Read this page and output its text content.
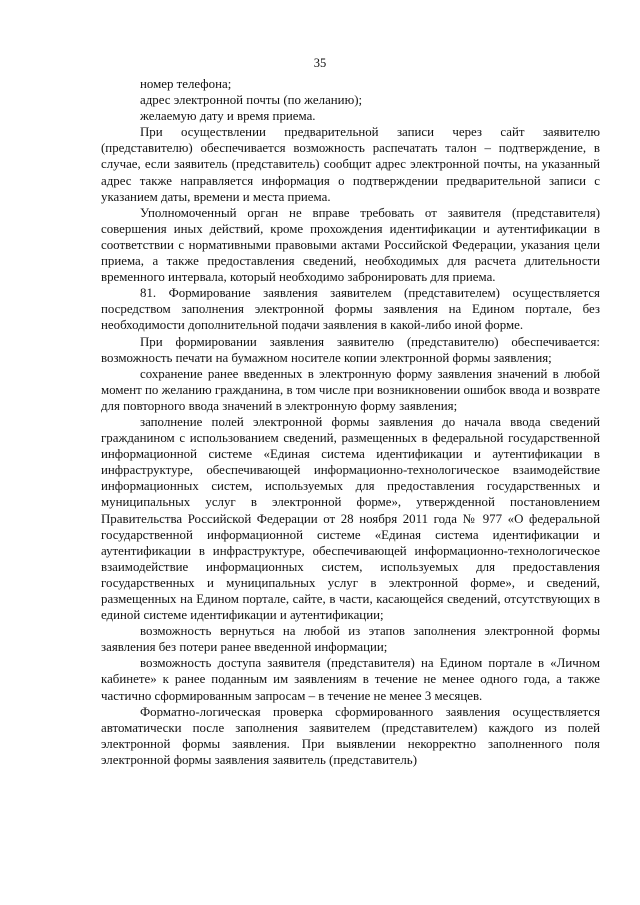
35

номер телефона;

адрес электронной почты (по желанию);

желаемую дату и время приема.

При осуществлении предварительной записи через сайт заявителю (представителю) обеспечивается возможность распечатать талон – подтверждение, в случае, если заявитель (представитель) сообщит адрес электронной почты, на указанный адрес также направляется информация о подтверждении предварительной записи с указанием даты, времени и места приема.

Уполномоченный орган не вправе требовать от заявителя (представителя) совершения иных действий, кроме прохождения идентификации и аутентификации в соответствии с нормативными правовыми актами Российской Федерации, указания цели приема, а также предоставления сведений, необходимых для расчета длительности временного интервала, который необходимо забронировать для приема.

81. Формирование заявления заявителем (представителем) осуществляется посредством заполнения электронной формы заявления на Едином портале, без необходимости дополнительной подачи заявления в какой-либо иной форме.

При формировании заявления заявителю (представителю) обеспечивается: возможность печати на бумажном носителе копии электронной формы заявления;

сохранение ранее введенных в электронную форму заявления значений в любой момент по желанию гражданина, в том числе при возникновении ошибок ввода и возврате для повторного ввода значений в электронную форму заявления;

заполнение полей электронной формы заявления до начала ввода сведений гражданином с использованием сведений, размещенных в федеральной государственной информационной системе «Единая система идентификации и аутентификации в инфраструктуре, обеспечивающей информационно-технологическое взаимодействие информационных систем, используемых для предоставления государственных и муниципальных услуг в электронной форме», утвержденной постановлением Правительства Российской Федерации от 28 ноября 2011 года № 977 «О федеральной государственной информационной системе «Единая система идентификации и аутентификации в инфраструктуре, обеспечивающей информационно-технологическое взаимодействие информационных систем, используемых для предоставления государственных и муниципальных услуг в электронной форме», и сведений, размещенных на Едином портале, сайте, в части, касающейся сведений, отсутствующих в единой системе идентификации и аутентификации;

возможность вернуться на любой из этапов заполнения электронной формы заявления без потери ранее введенной информации;

возможность доступа заявителя (представителя) на Едином портале в «Личном кабинете» к ранее поданным им заявлениям в течение не менее одного года, а также частично сформированным запросам – в течение не менее 3 месяцев.

Форматно-логическая проверка сформированного заявления осуществляется автоматически после заполнения заявителем (представителем) каждого из полей электронной формы заявления. При выявлении некорректно заполненного поля электронной формы заявления заявитель (представитель)
